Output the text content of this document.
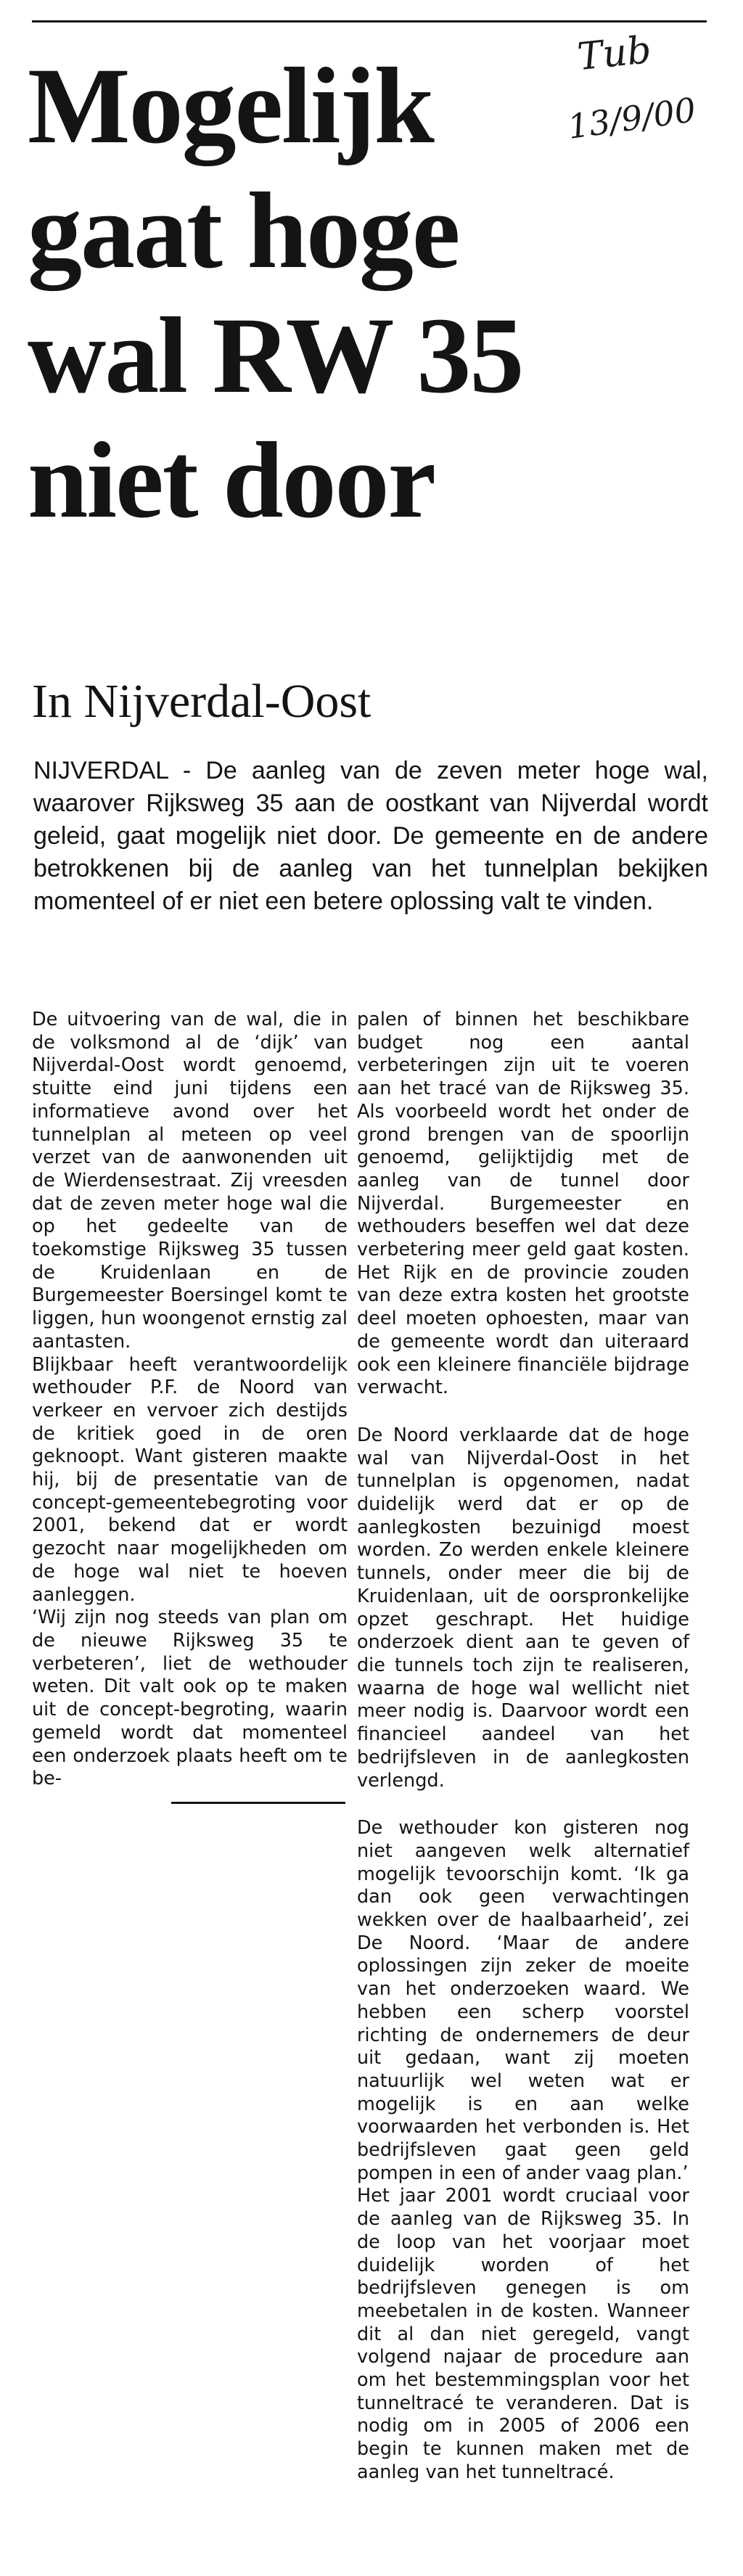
Tub
13/9/00
Mogelijk
gaat hoge
wal RW 35
niet door
In Nijverdal-Oost

NIJVERDAL - De aanleg van de zeven meter hoge wal, waarover Rijksweg 35 aan de oostkant van Nijverdal wordt geleid, gaat mogelijk niet door. De gemeente en de andere betrokkenen bij de aanleg van het tunnelplan bekijken momenteel of er niet een betere oplossing valt te vinden.

De uitvoering van de wal, die in de volksmond al de ‘dijk’ van Nijverdal-Oost wordt genoemd, stuitte eind juni tijdens een informatieve avond over het tunnelplan al meteen op veel verzet van de aanwonenden uit de Wierdensestraat. Zij vreesden dat de zeven meter hoge wal die op het gedeelte van de toekomstige Rijksweg 35 tussen de Kruidenlaan en de Burgemeester Boersingel komt te liggen, hun woongenot ernstig zal aantasten.

Blijkbaar heeft verantwoordelijk wethouder P.F. de Noord van verkeer en vervoer zich destijds de kritiek goed in de oren geknoopt. Want gisteren maakte hij, bij de presentatie van de concept-gemeentebegroting voor 2001, bekend dat er wordt gezocht naar mogelijkheden om de hoge wal niet te hoeven aanleggen.

‘Wij zijn nog steeds van plan om de nieuwe Rijksweg 35 te verbeteren’, liet de wethouder weten. Dit valt ook op te maken uit de concept-begroting, waarin gemeld wordt dat momenteel een onderzoek plaats heeft om te be-

palen of binnen het beschikbare budget nog een aantal verbeteringen zijn uit te voeren aan het tracé van de Rijksweg 35. Als voorbeeld wordt het onder de grond brengen van de spoorlijn genoemd, gelijktijdig met de aanleg van de tunnel door Nijverdal. Burgemeester en wethouders beseffen wel dat deze verbetering meer geld gaat kosten. Het Rijk en de provincie zouden van deze extra kosten het grootste deel moeten ophoesten, maar van de gemeente wordt dan uiteraard ook een kleinere financiële bijdrage verwacht.

De Noord verklaarde dat de hoge wal van Nijverdal-Oost in het tunnelplan is opgenomen, nadat duidelijk werd dat er op de aanlegkosten bezuinigd moest worden. Zo werden enkele kleinere tunnels, onder meer die bij de Kruidenlaan, uit de oorspronkelijke opzet geschrapt. Het huidige onderzoek dient aan te geven of die tunnels toch zijn te realiseren, waarna de hoge wal wellicht niet meer nodig is. Daarvoor wordt een financieel aandeel van het bedrijfsleven in de aanlegkosten verlengd.

De wethouder kon gisteren nog niet aangeven welk alternatief mogelijk tevoorschijn komt. ‘Ik ga dan ook geen verwachtingen wekken over de haalbaarheid’, zei De Noord. ‘Maar de andere oplossingen zijn zeker de moeite van het onderzoeken waard. We hebben een scherp voorstel richting de ondernemers de deur uit gedaan, want zij moeten natuurlijk wel weten wat er mogelijk is en aan welke voorwaarden het verbonden is. Het bedrijfsleven gaat geen geld pompen in een of ander vaag plan.’

Het jaar 2001 wordt cruciaal voor de aanleg van de Rijksweg 35. In de loop van het voorjaar moet duidelijk worden of het bedrijfsleven genegen is om meebetalen in de kosten. Wanneer dit al dan niet geregeld, vangt volgend najaar de procedure aan om het bestemmingsplan voor het tunneltracé te veranderen. Dat is nodig om in 2005 of 2006 een begin te kunnen maken met de aanleg van het tunneltracé.
